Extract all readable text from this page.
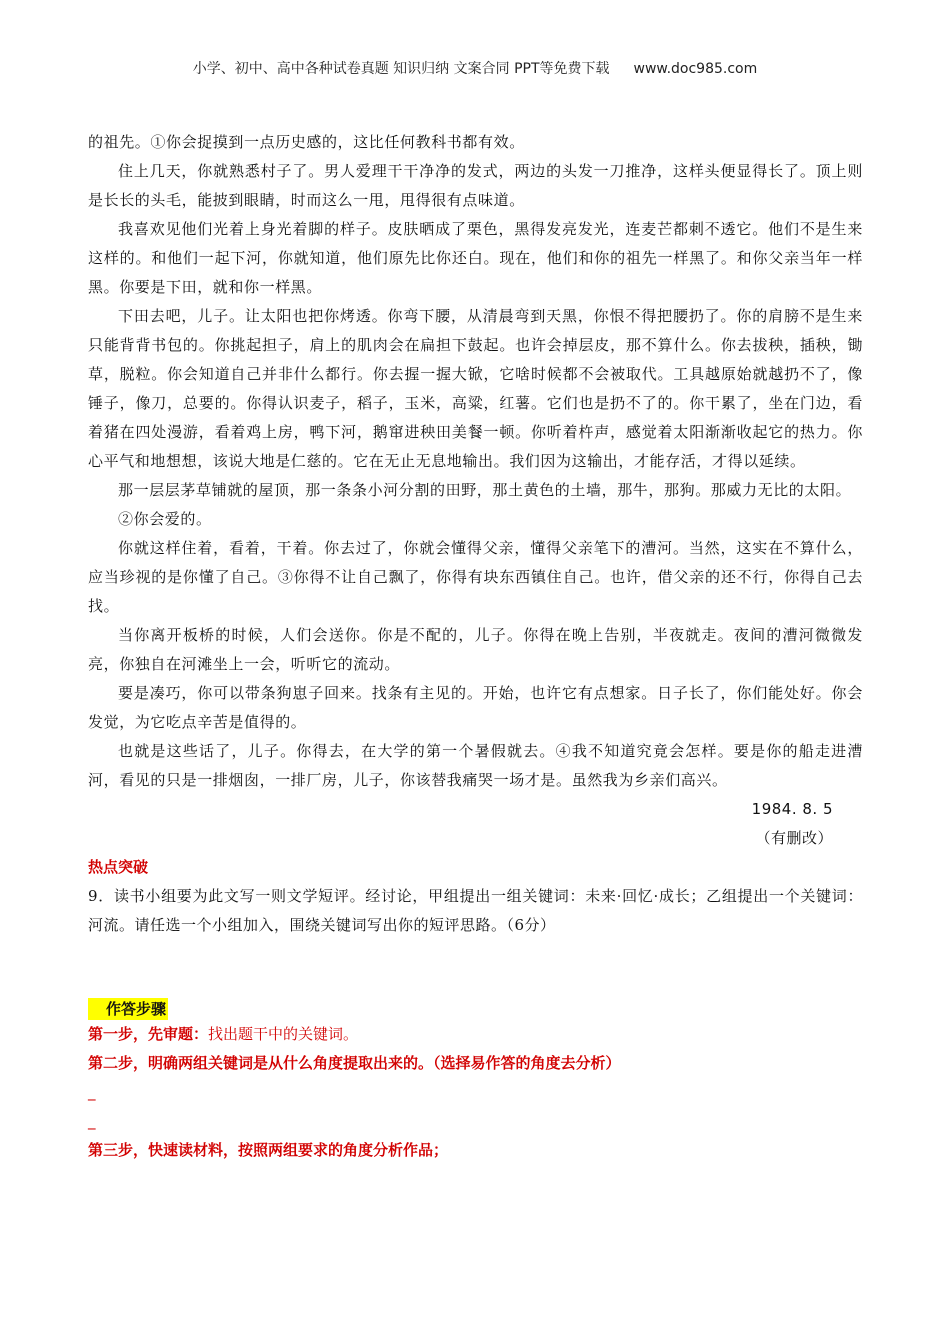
小学、初中、高中各种试卷真题 知识归纳 文案合同 PPT等免费下载 www.doc985.com

的祖先。①你会捉摸到一点历史感的，这比任何教科书都有效。

住上几天，你就熟悉村子了。男人爱理干干净净的发式，两边的头发一刀推净，这样头便显得长了。顶上则是长长的头毛，能披到眼睛，时而这么一甩，甩得很有点味道。

我喜欢见他们光着上身光着脚的样子。皮肤晒成了栗色，黑得发亮发光，连麦芒都刺不透它。他们不是生来这样的。和他们一起下河，你就知道，他们原先比你还白。现在，他们和你的祖先一样黑了。和你父亲当年一样黑。你要是下田，就和你一样黑。

下田去吧，儿子。让太阳也把你烤透。你弯下腰，从清晨弯到天黑，你恨不得把腰扔了。你的肩膀不是生来只能背背书包的。你挑起担子，肩上的肌肉会在扁担下鼓起。也许会掉层皮，那不算什么。你去拔秧，插秧，锄草，脱粒。你会知道自己并非什么都行。你去握一握大锨，它啥时候都不会被取代。工具越原始就越扔不了，像锤子，像刀，总要的。你得认识麦子，稻子，玉米，高粱，红薯。它们也是扔不了的。你干累了，坐在门边，看着猪在四处漫游，看着鸡上房，鸭下河，鹅窜进秧田美餐一顿。你听着杵声，感觉着太阳渐渐收起它的热力。你心平气和地想想，该说大地是仁慈的。它在无止无息地输出。我们因为这输出，才能存活，才得以延续。

那一层层茅草铺就的屋顶，那一条条小河分割的田野，那土黄色的土墙，那牛，那狗。那威力无比的太阳。

②你会爱的。

你就这样住着，看着，干着。你去过了，你就会懂得父亲，懂得父亲笔下的漕河。当然，这实在不算什么，应当珍视的是你懂了自己。③你得不让自己飘了，你得有块东西镇住自己。也许，借父亲的还不行，你得自己去找。

当你离开板桥的时候，人们会送你。你是不配的，儿子。你得在晚上告别，半夜就走。夜间的漕河微微发亮，你独自在河滩坐上一会，听听它的流动。

要是凑巧，你可以带条狗崽子回来。找条有主见的。开始，也许它有点想家。日子长了，你们能处好。你会发觉，为它吃点辛苦是值得的。

也就是这些话了，儿子。你得去，在大学的第一个暑假就去。④我不知道究竟会怎样。要是你的船走进漕河，看见的只是一排烟囱，一排厂房，儿子，你该替我痛哭一场才是。虽然我为乡亲们高兴。

1984. 8. 5

（有删改）

热点突破

9．读书小组要为此文写一则文学短评。经讨论，甲组提出一组关键词：未来·回忆·成长；乙组提出一个关键词：河流。请任选一个小组加入，围绕关键词写出你的短评思路。（6分）

作答步骤

第一步，先审题：找出题干中的关键词。

第二步，明确两组关键词是从什么角度提取出来的。（选择易作答的角度去分析）

_

_

第三步，快速读材料，按照两组要求的角度分析作品；
